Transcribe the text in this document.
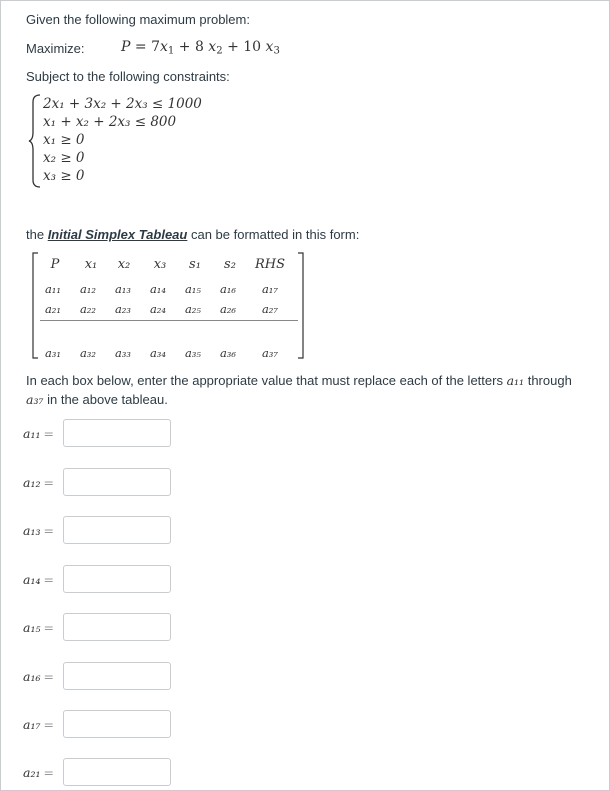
Given the following maximum problem:
Maximize:	$P = 7x_1 + 8$ $x_2 + 10$ $x_3$
Subject to the following constraints:
2x₁ + 3x₂ + 2x₃ ≤ 1000
x₁ + x₂ + 2x₃ ≤ 800
x₁ ≥ 0
x₂ ≥ 0
x₃ ≥ 0
the Initial Simplex Tableau can be formatted in this form:
P	x₁	x₂	x₃	s₁	s₂	RHS
a₁₁	a₁₂	a₁₃	a₁₄	a₁₅	a₁₆	a₁₇
a₂₁	a₂₂	a₂₃	a₂₄	a₂₅	a₂₆	a₂₇
a₃₁	a₃₂	a₃₃	a₃₄	a₃₅	a₃₆	a₃₇
In each box below, enter the appropriate value that must replace each of the letters a₁₁ through
a₃₇ in the above tableau.
a₁₁ =
a₁₂ =
a₁₃ =
a₁₄ =
a₁₅ =
a₁₆ =
a₁₇ =
a₂₁ =
